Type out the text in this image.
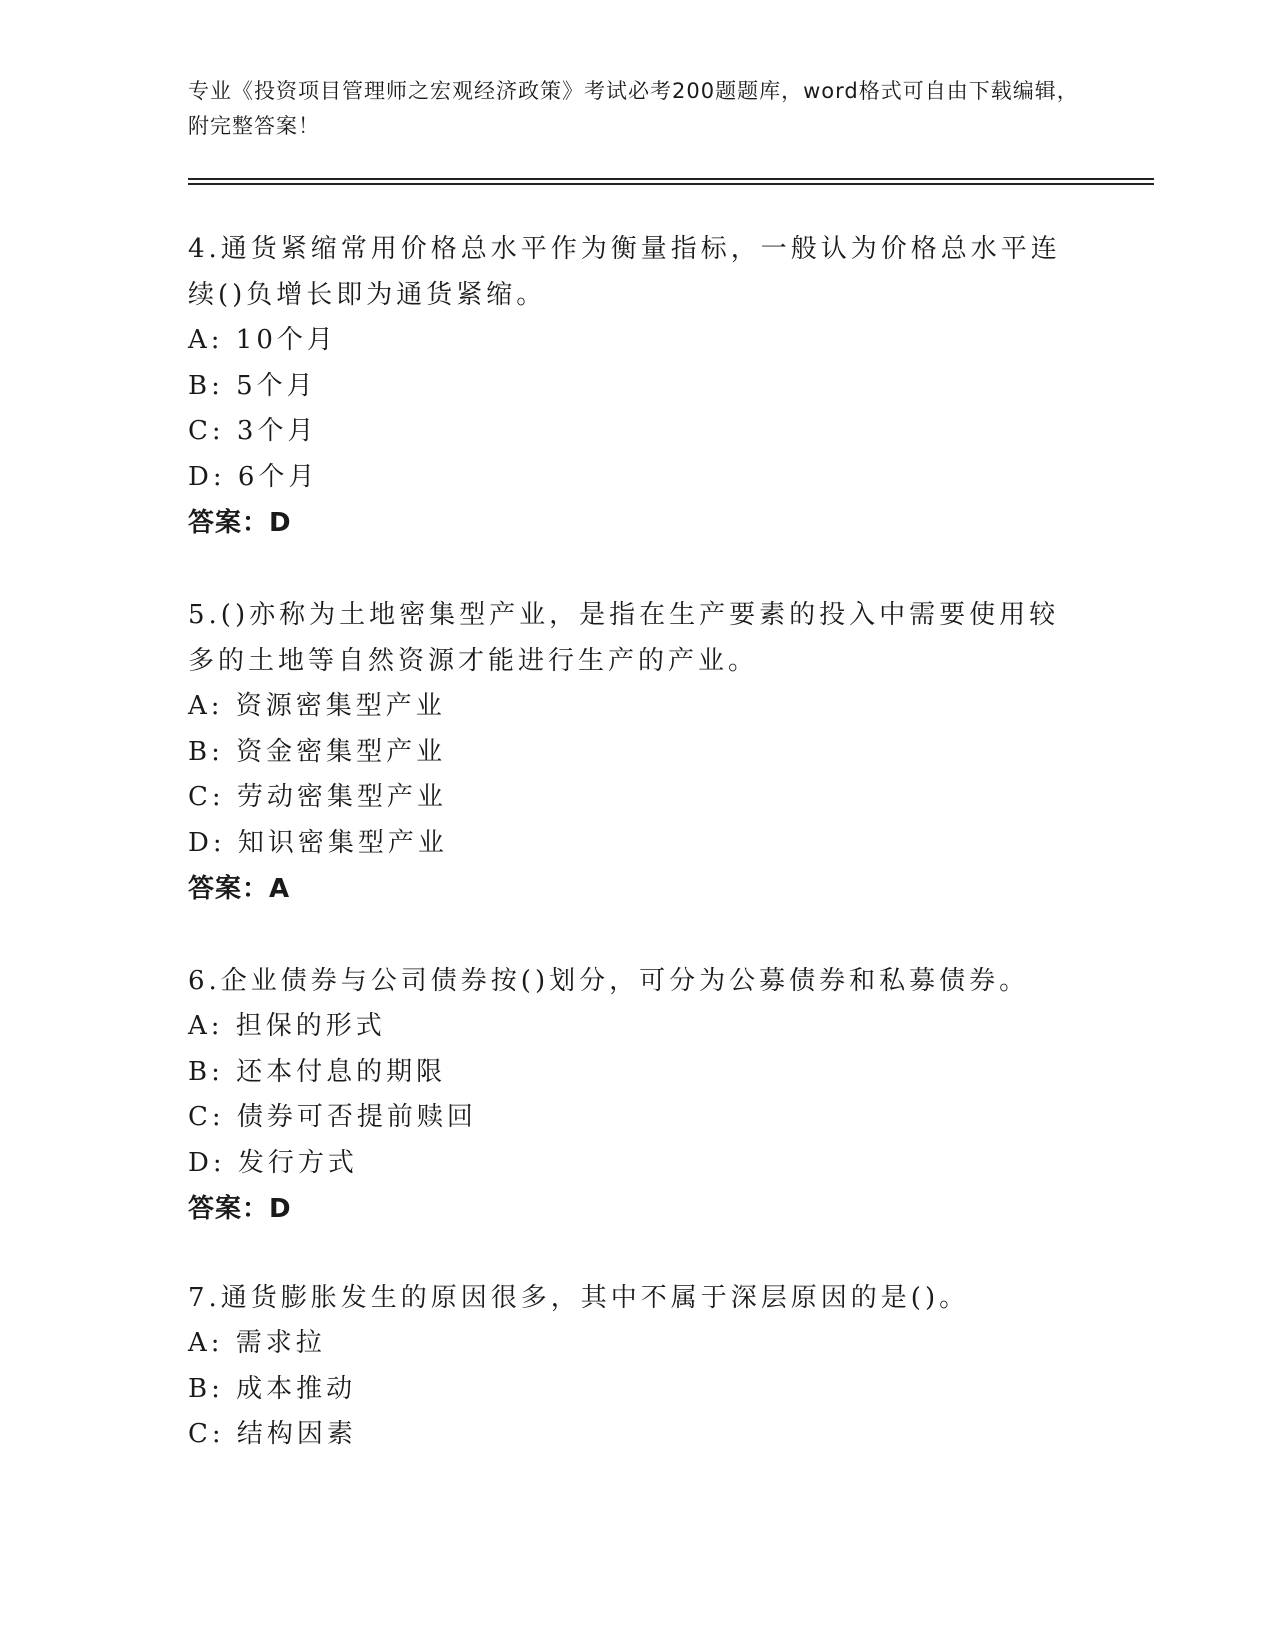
专业《投资项目管理师之宏观经济政策》考试必考200题题库，word格式可自由下载编辑，附完整答案！

4.通货紧缩常用价格总水平作为衡量指标，一般认为价格总水平连续()负增长即为通货紧缩。

A: 10个月
B: 5个月
C: 3个月
D: 6个月
答案：D

5.()亦称为土地密集型产业，是指在生产要素的投入中需要使用较多的土地等自然资源才能进行生产的产业。

A: 资源密集型产业
B: 资金密集型产业
C: 劳动密集型产业
D: 知识密集型产业
答案：A

6.企业债券与公司债券按()划分，可分为公募债券和私募债券。

A: 担保的形式
B: 还本付息的期限
C: 债券可否提前赎回
D: 发行方式
答案：D

7.通货膨胀发生的原因很多，其中不属于深层原因的是()。

A: 需求拉
B: 成本推动
C: 结构因素
